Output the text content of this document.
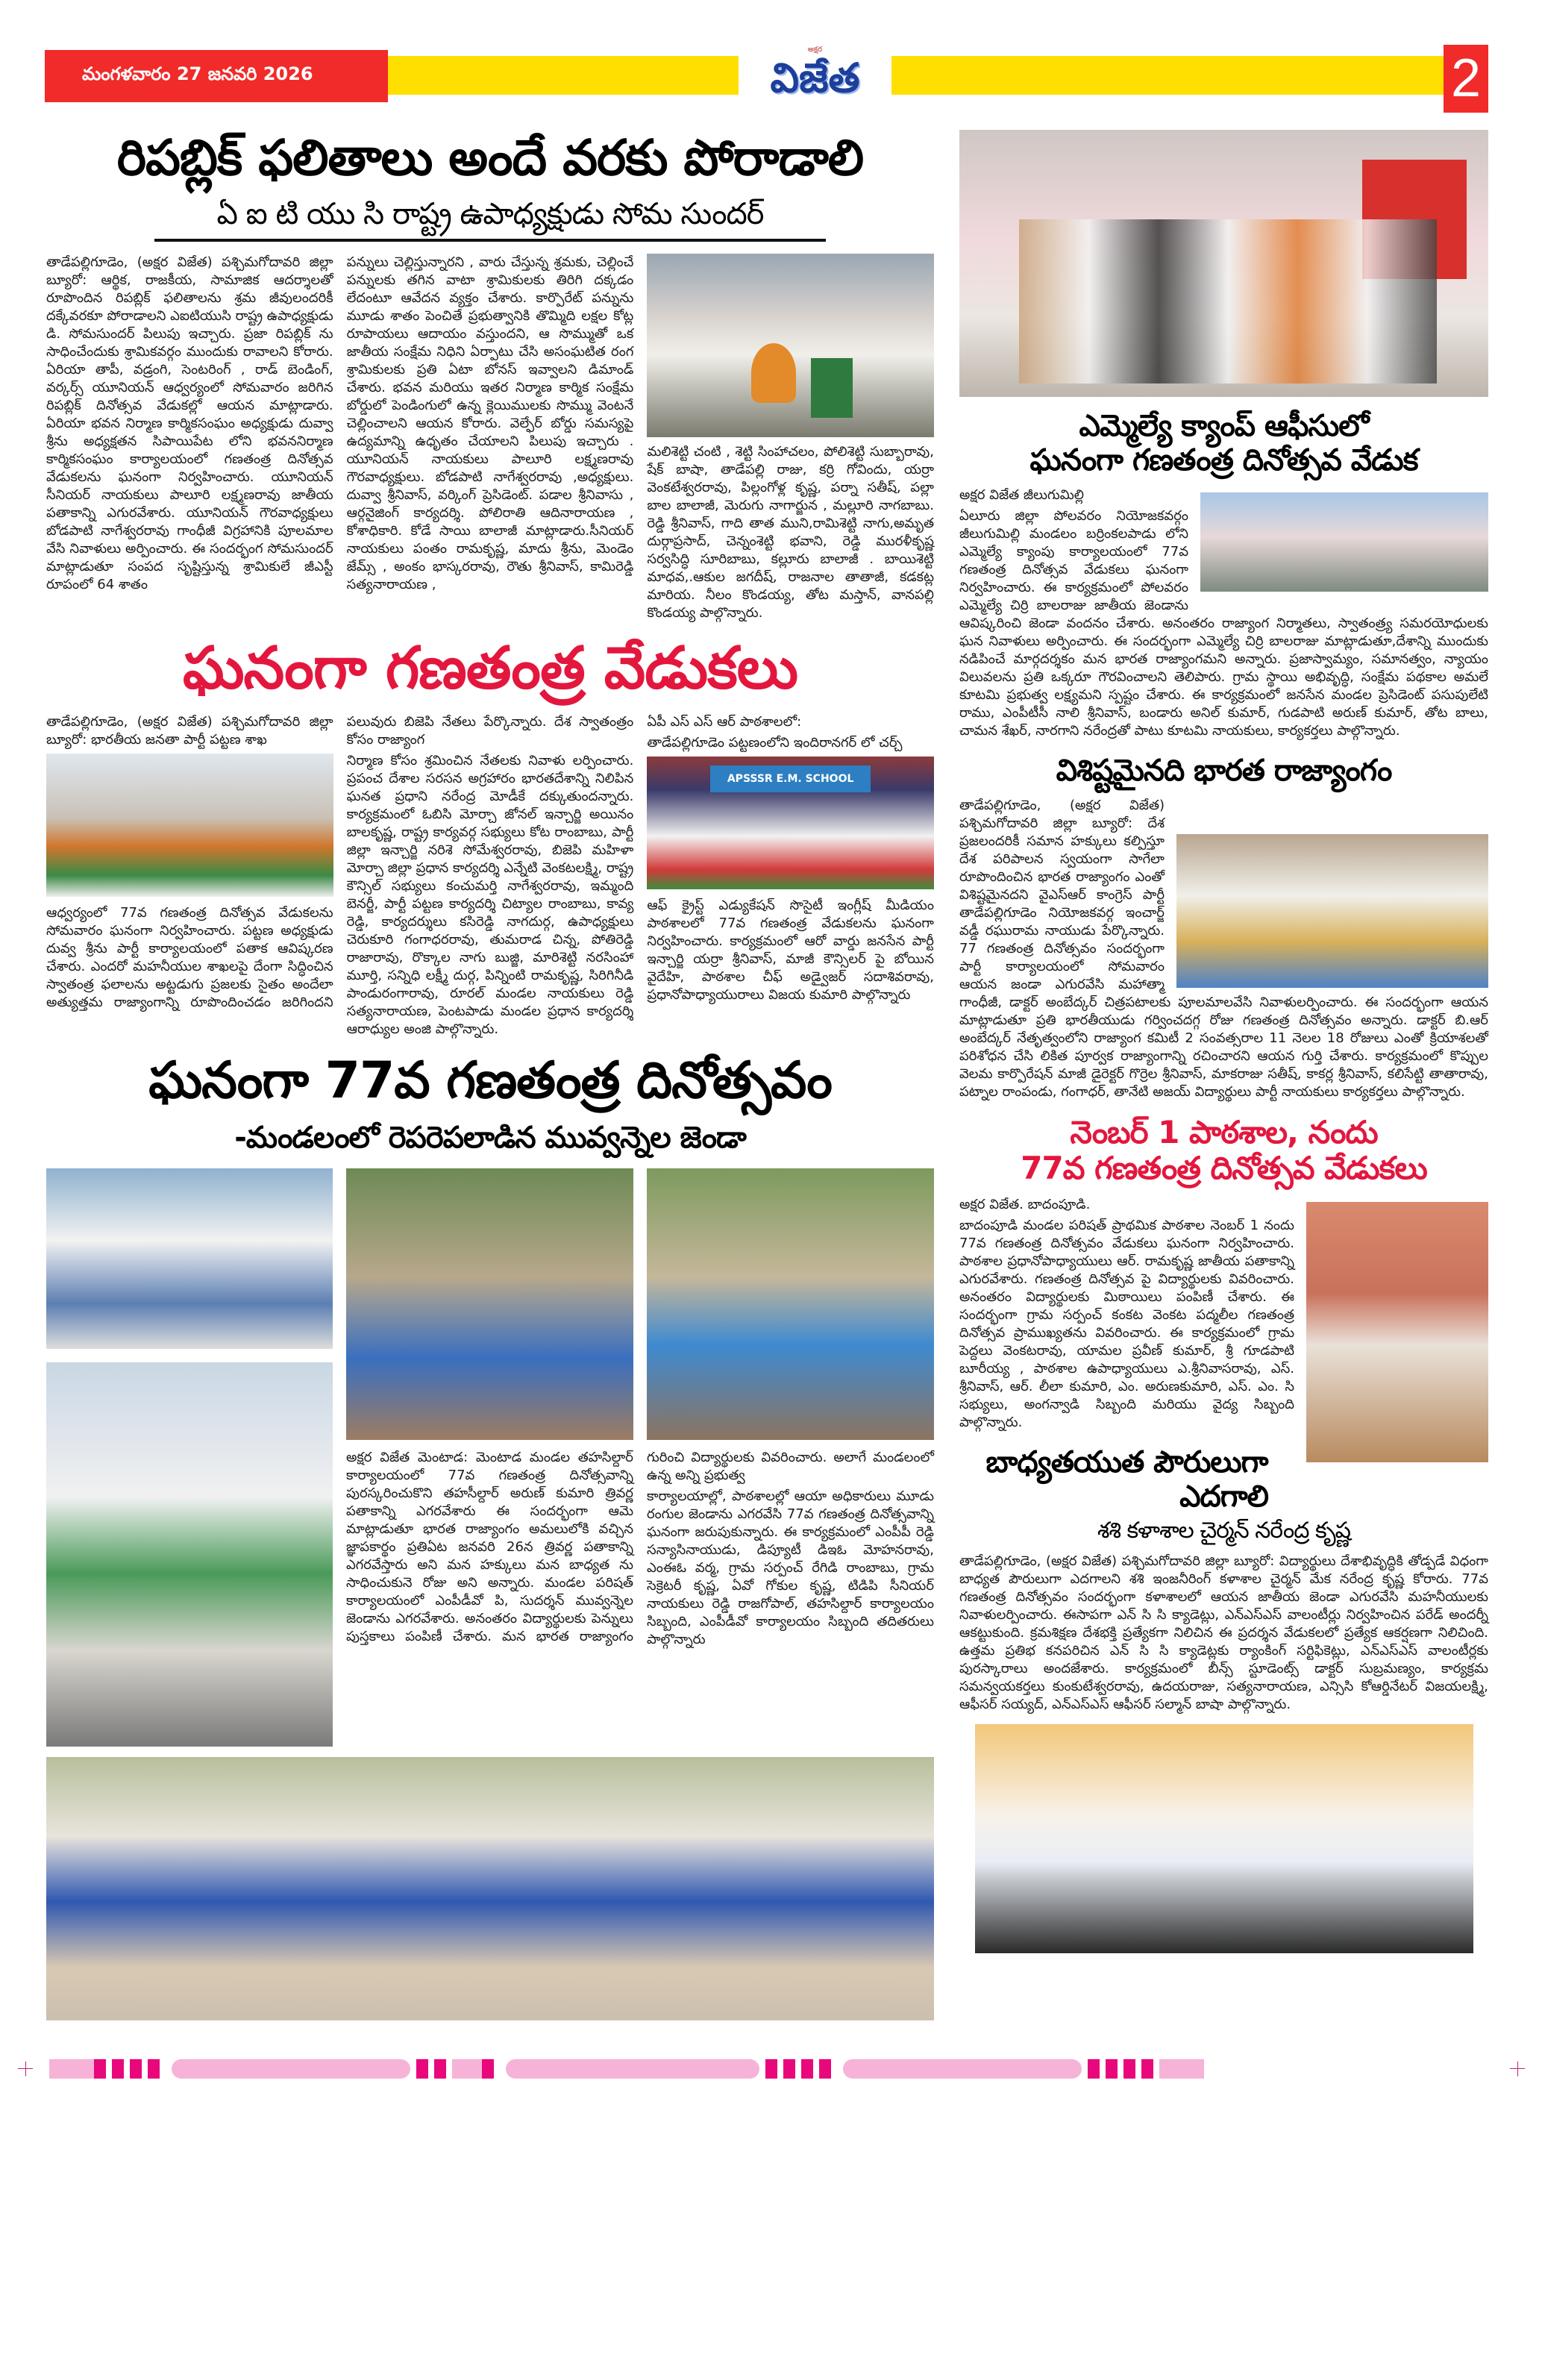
మంగళవారం 27 జనవరి 2026
అక్షర
విజేత	2
రిపబ్లిక్ ఫలితాలు అందే వరకు పోరాడాలి
ఏ ఐ టి యు సి రాష్ట్ర ఉపాధ్యక్షుడు సోమ సుందర్

తాడేపల్లిగూడెం, (అక్షర విజేత) పశ్చిమగోదావరి జిల్లా బ్యూరో: ఆర్థిక, రాజకీయ, సామాజిక ఆదర్శాలతో రూపొందిన రిపబ్లిక్ ఫలితాలను శ్రమ జీవులందరికీ దక్కేవరకూ పోరాడాలని ఎఐటియుసి రాష్ట్ర ఉపాధ్యక్షుడు డి. సోమసుందర్ పిలుపు ఇచ్చారు. ప్రజా రిపబ్లిక్ ను సాధించేందుకు శ్రామికవర్గం ముందుకు రావాలని కోరారు. ఏరియా తాపీ, వడ్రంగి, సెంటరింగ్ , రాడ్ బెండింగ్, వర్కర్స్ యూనియన్ ఆధ్వర్యంలో సోమవారం జరిగిన రిపబ్లిక్ దినోత్సవ వేడుకల్లో ఆయన మాట్లాడారు. ఏరియా భవన నిర్మాణ కార్మికసంఘం అధ్యక్షుడు దువ్వా శ్రీను అధ్యక్షతన సిపాయిపేట లోని భవననిర్మాణ కార్మికసంఘం కార్యాలయంలో గణతంత్ర దినోత్సవ వేడుకలను ఘనంగా నిర్వహించారు. యూనియన్ సీనియర్ నాయకులు పాలూరి లక్ష్మణరావు జాతీయ పతాకాన్ని ఎగురవేశారు. యూనియన్ గౌరవాధ్యక్షులు బోడపాటి నాగేశ్వరరావు గాంధీజీ విగ్రహానికి పూలమాల వేసి నివాళులు అర్పించారు. ఈ సందర్భంగ సోమసుందర్ మాట్లాడుతూ సంపద సృష్టిస్తున్న శ్రామికులే జీఎస్టీ రూపంలో 64 శాతం

పన్నులు చెల్లిస్తున్నారని , వారు చేస్తున్న శ్రమకు, చెల్లించే పన్నులకు తగిన వాటా శ్రామికులకు తిరిగి దక్కడం లేదంటూ ఆవేదన వ్యక్తం చేశారు. కార్పొరేట్ పన్నును మూడు శాతం పెంచితే ప్రభుత్వానికి తొమ్మిది లక్షల కోట్ల రూపాయలు ఆదాయం వస్తుందని, ఆ సొమ్ముతో ఒక జాతీయ సంక్షేమ నిధిని ఏర్పాటు చేసి అసంఘటిత రంగ శ్రామికులకు ప్రతి ఏటా బోనస్ ఇవ్వాలని డిమాండ్ చేశారు. భవన మరియు ఇతర నిర్మాణ కార్మిక సంక్షేమ బోర్డులో పెండింగులో ఉన్న క్లెయిములకు సొమ్ము వెంటనే చెల్లించాలని ఆయన కోరారు. వెల్ఫేర్ బోర్డు సమస్యపై ఉద్యమాన్ని ఉధృతం చేయాలని పిలుపు ఇచ్చారు . యూనియన్ నాయకులు పాలూరి లక్ష్మణరావు గౌరవాధ్యక్షులు. బోడపాటి నాగేశ్వరరావు ,అధ్యక్షులు. దువ్వా శ్రీనివాస్, వర్కింగ్ ప్రెసిడెంట్. పడాల శ్రీనివాసు , ఆర్గనైజింగ్ కార్యదర్శి. పోలిరాతి ఆదినారాయణ , కోశాధికారి. కోడే సాయి బాలాజీ మాట్లాడారు.సీనియర్ నాయకులు పంతం రామకృష్ణ, మాదు శ్రీను, మెండెం జేమ్స్ , అంకం భాస్కరరావు, రౌతు శ్రీనివాస్, కామిరెడ్డి సత్యనారాయణ ,

మలిశెట్టి చంటి , శెట్టి సింహాచలం, పోలిశెట్టి సుబ్బారావు, షేక్ బాషా, తాడేపల్లి రాజు, కర్రి గోవిందు, యర్రా వెంకటేశ్వరరావు, పిల్లంగోళ్ల కృష్ణ, పర్నా సతీష్, పల్లా బాల బాలాజీ, మెరుగు నాగార్జున , మల్లూరి నాగబాబు. రెడ్డి శ్రీనివాస్, గాది తాత ముని,రామిశెట్టి నాగు,అమృత దుర్గాప్రసాద్, చెన్నంశెట్టి భవాని, రెడ్డి మురళీకృష్ణ సర్వసిద్ధి సూరిబాబు, కల్లూరు బాలాజీ . బాయిశెట్టి మాధవ,.ఆకుల జగదీష్, రాజనాల తాతాజీ, కడకట్ల మారియ. నీలం కొండయ్య, తోట మస్తాన్, వానపల్లి కొండయ్య పాల్గొన్నారు.

ఘనంగా గణతంత్ర వేడుకలు

తాడేపల్లిగూడెం, (అక్షర విజేత) పశ్చిమగోదావరి జిల్లా బ్యూరో: భారతీయ జనతా పార్టీ పట్టణ శాఖ

ఆధ్వర్యంలో 77వ గణతంత్ర దినోత్సవ వేడుకలను సోమవారం ఘనంగా నిర్వహించారు. పట్టణ అధ్యక్షుడు దువ్వ శ్రీను పార్టీ కార్యాలయంలో పతాక ఆవిష్కరణ చేశారు. ఎందరో మహనీయుల శాఖలపై దేంగా సిద్ధించిన స్వాతంత్ర ఫలాలను అట్టడుగు ప్రజలకు సైతం అందేలా అత్యుత్తమ రాజ్యాంగాన్ని రూపొందించడం జరిగిందని పలువురు బిజెపి నేతలు పేర్కొన్నారు. దేశ స్వాతంత్రం కోసం రాజ్యాంగ

నిర్మాణ కోసం శ్రమించిన నేతలకు నివాళు లర్పించారు. ప్రపంచ దేశాల సరసన అగ్రహారం భారతదేశాన్ని నిలిపిన ఘనత ప్రధాని నరేంద్ర మోడీకే దక్కుతుందన్నారు. కార్యక్రమంలో ఓబిసి మోర్చా జోనల్ ఇన్చార్జి అయినం బాలకృష్ణ, రాష్ట్ర కార్యవర్గ సభ్యులు కోట రాంబాబు, పార్టీ జిల్లా ఇన్చార్జి నరిశె సోమేశ్వరరావు, బిజెపి మహిళా మోర్చా జిల్లా ప్రధాన కార్యదర్శి ఎన్నేటి వెంకటలక్ష్మి, రాష్ట్ర కౌన్సిల్ సభ్యులు కంచుమర్తి నాగేశ్వరరావు, ఇమ్మంది బెనర్జీ, పార్టీ పట్టణ కార్యదర్శి చిట్యాల రాంబాబు, కావ్య రెడ్డి, కార్యదర్శులు కసిరెడ్డి నాగదుర్గ, ఉపాధ్యక్షులు చెరుకూరి గంగాధరరావు, తుమరాడ చిన్న, పోతిరెడ్డి రాజారావు, రొక్కాల నాగు బుజ్జి, మారిశెట్టి నరసింహా మూర్తి, సన్నిధి లక్ష్మీ దుర్గ, పిన్నింటి రామకృష్ణ, సిరిగినీడి పాండురంగారావు, రూరల్ మండల నాయకులు రెడ్డి సత్యనారాయణ, పెంటపాడు మండల ప్రధాన కార్యదర్శి ఆరాధ్యుల అంజి పాల్గొన్నారు.

ఏపీ ఎస్ ఎస్ ఆర్ పాఠశాలలో:

తాడేపల్లిగూడెం పట్టణంలోని ఇందిరానగర్ లో చర్చ్

APSSSR E.M. SCHOOL

ఆఫ్ క్రైస్ట్ ఎడ్యుకేషన్ సొసైటీ ఇంగ్లీష్ మీడియం పాఠశాలలో 77వ గణతంత్ర వేడుకలను ఘనంగా నిర్వహించారు. కార్యక్రమంలో ఆరో వార్డు జనసేన పార్టీ ఇన్చార్జి యర్రా శ్రీనివాస్, మాజీ కౌన్సిలర్ పై బోయిన వైదేహి, పాఠశాల చీఫ్ అడ్వైజర్ సదాశివరావు, ప్రధానోపాధ్యాయురాలు విజయ కుమారి పాల్గొన్నారు

ఘనంగా 77వ గణతంత్ర దినోత్సవం
-మండలంలో రెపరెపలాడిన మువ్వన్నెల జెండా

అక్షర విజేత మెంటాడ: మెంటాడ మండల తహసిల్దార్ కార్యాలయంలో 77వ గణతంత్ర దినోత్సవాన్ని పురస్కరించుకొని తహసీల్దార్ అరుణ్ కుమారి త్రివర్ణ పతాకాన్ని ఎగరవేశారు ఈ సందర్భంగా ఆమె మాట్లాడుతూ భారత రాజ్యాంగం అమలులోకి వచ్చిన జ్ఞాపకార్థం ప్రతిఏట జనవరి 26న త్రివర్ణ పతాకాన్ని ఎగరవేస్తారు అని మన హక్కులు మన బాధ్యత ను సాధించుకునె రోజు అని అన్నారు. మండల పరిషత్ కార్యాలయంలో ఎంపీడీవో పి, సుదర్శన్ మువ్వన్నెల జెండాను ఎగరవేశారు. అనంతరం విద్యార్థులకు పెన్నులు పుస్తకాలు పంపిణీ చేశారు. మన భారత రాజ్యాంగం గురించి విద్యార్థులకు వివరించారు. అలాగే మండలంలో ఉన్న అన్ని ప్రభుత్వ

కార్యాలయాల్లో, పాఠశాలల్లో ఆయా అధికారులు మూడు రంగుల జెండాను ఎగరవేసి 77వ గణతంత్ర దినోత్సవాన్ని ఘనంగా జరుపుకున్నారు. ఈ కార్యక్రమంలో ఎంపీపీ రెడ్డి సన్యాసినాయుడు, డిప్యూటీ డిఇఓ మోహనరావు, ఎంఈఓ వర్మ, గ్రామ సర్పంచ్ రేగిడి రాంబాబు, గ్రామ సెక్రెటరీ కృష్ణ, ఏవో గోకుల కృష్ణ, టిడిపి సీనియర్ నాయకులు రెడ్డి రాజగోపాల్, తహసిల్దార్ కార్యాలయం సిబ్బంది, ఎంపీడీవో కార్యాలయం సిబ్బంది తదితరులు పాల్గొన్నారు

ఎమ్మెల్యే క్యాంప్ ఆఫీసులో
ఘనంగా గణతంత్ర దినోత్సవ వేడుక

అక్షర విజేత జీలుగుమిల్లి

ఏలూరు జిల్లా పోలవరం నియోజకవర్గం జీలుగుమిల్లి మండలం బర్రింకలపాడు లోని ఎమ్మెల్యే క్యాంపు కార్యాలయంలో 77వ గణతంత్ర దినోత్సవ వేడుకలు ఘనంగా నిర్వహించారు. ఈ కార్యక్రమంలో పోలవరం ఎమ్మెల్యే చిర్రి బాలరాజు జాతీయ జెండాను ఆవిష్కరించి జెండా వందనం చేశారు. అనంతరం రాజ్యాంగ నిర్మాతలు, స్వాతంత్ర్య సమరయోధులకు ఘన నివాళులు అర్పించారు. ఈ సందర్భంగా ఎమ్మెల్యే చిర్రి బాలరాజు మాట్లాడుతూ,దేశాన్ని ముందుకు నడిపించే మార్గదర్శకం మన భారత రాజ్యాంగమని అన్నారు. ప్రజాస్వామ్యం, సమానత్వం, న్యాయం విలువలను ప్రతి ఒక్కరూ గౌరవించాలని తెలిపారు. గ్రామ స్థాయి అభివృద్ధి, సంక్షేమ పథకాల అమలే కూటమి ప్రభుత్వ లక్ష్యమని స్పష్టం చేశారు. ఈ కార్యక్రమంలో జనసేన మండల ప్రెసిడెంట్ పసుపులేటి రాము, ఎంపీటీసీ నాలి శ్రీనివాస్, బండారు అనిల్ కుమార్, గుడపాటి అరుణ్ కుమార్, తోట బాలు, చామన శేఖర్, నారగాని నరేంద్రతో పాటు కూటమి నాయకులు, కార్యకర్తలు పాల్గొన్నారు.

విశిష్టమైనది భారత రాజ్యాంగం

తాడేపల్లిగూడెం, (అక్షర విజేత) పశ్చిమగోదావరి జిల్లా బ్యూరో: దేశ ప్రజలందరికీ సమాన హక్కులు కల్పిస్తూ దేశ పరిపాలన స్వయంగా సాగేలా రూపొందించిన భారత రాజ్యాంగం ఎంతో విశిష్టమైనదని వైఎస్ఆర్ కాంగ్రెస్ పార్టీ తాడేపల్లిగూడెం నియోజకవర్గ ఇంచార్జ్ వడ్డీ రఘురామ నాయుడు పేర్కొన్నారు. 77 గణతంత్ర దినోత్సవం సందర్భంగా పార్టీ కార్యాలయంలో సోమవారం ఆయన జండా ఎగురవేసి మహాత్మా గాంధీజీ, డాక్టర్ అంబేద్కర్ చిత్రపటాలకు పూలమాలవేసి నివాళులర్పించారు. ఈ సందర్భంగా ఆయన మాట్లాడుతూ ప్రతి భారతీయుడు గర్వించదగ్గ రోజు గణతంత్ర దినోత్సవం అన్నారు. డాక్టర్ బి.ఆర్ అంబేద్కర్ నేతృత్వంలోని రాజ్యాంగ కమిటీ 2 సంవత్సరాల 11 నెలల 18 రోజులు ఎంతో క్రియాశలతో పరిశోధన చేసి లికిత పూర్వక రాజ్యాంగాన్ని రచించారని ఆయన గుర్తి చేశారు. కార్యక్రమంలో కొప్పుల వెలమ కార్పొరేషన్ మాజీ డైరెక్టర్ గొర్రెల శ్రీనివాస్, మాకరాజు సతీష్, కాకర్ల శ్రీనివాస్, కలిసేట్టి తాతారావు, పట్నాల రాంపండు, గంగాధర్, తానేటి అజయ్ విద్యార్థులు పార్టీ నాయకులు కార్యకర్తలు పాల్గొన్నారు.

నెంబర్ 1 పాఠశాల, నందు
77వ గణతంత్ర దినోత్సవ వేడుకలు

అక్షర విజేత. బాదంపూడి.

బాదంపూడి మండల పరిషత్ ప్రాథమిక పాఠశాల నెంబర్ 1 నందు 77వ గణతంత్ర దినోత్సవం వేడుకలు ఘనంగా నిర్వహించారు. పాఠశాల ప్రధానోపాధ్యాయులు ఆర్. రామకృష్ణ జాతీయ పతాకాన్ని ఎగురవేశారు. గణతంత్ర దినోత్సవ పై విద్యార్థులకు వివరించారు. అనంతరం విద్యార్థులకు మిఠాయిలు పంపిణీ చేశారు. ఈ సందర్భంగా గ్రామ సర్పంచ్ కంకట వెంకట పద్మలీల గణతంత్ర దినోత్సవ ప్రాముఖ్యతను వివరించారు. ఈ కార్యక్రమంలో గ్రామ పెద్దలు వెంకటరావు, యామల ప్రవీణ్ కుమార్, శ్రీ గూడపాటి బూరీయ్య , పాఠశాల ఉపాధ్యాయులు ఎ.శ్రీనివాసరావు, ఎస్. శ్రీనివాస్, ఆర్. లీలా కుమారి, ఎం. అరుణకుమారి, ఎస్. ఎం. సి సభ్యులు, అంగన్వాడి సిబ్బంది మరియు వైద్య సిబ్బంది పాల్గొన్నారు.

బాధ్యతయుత పౌరులుగా ఎదగాలి
శశి కళాశాల చైర్మన్ నరేంద్ర కృష్ణ

తాడేపల్లిగూడెం, (అక్షర విజేత) పశ్చిమగోదావరి జిల్లా బ్యూరో: విద్యార్థులు దేశాభివృద్ధికి తోడ్పడే విధంగా బాధ్యత పౌరులుగా ఎదగాలని శశి ఇంజనీరింగ్ కళాశాల చైర్మన్ మేక నరేంద్ర కృష్ణ కోరారు. 77వ గణతంత్ర దినోత్సవం సందర్భంగా కళాశాలలో ఆయన జాతీయ జెండా ఎగురవేసి మహనీయులకు నివాళులర్పించారు. ఈసాపగా ఎన్ సి సి క్యాడెట్లు, ఎన్ఎస్ఎస్ వాలంటీర్లు నిర్వహించిన పరేడ్ అందర్నీ ఆకట్టుకుంది. క్రమశిక్షణ దేశభక్తి ప్రత్యేకగా నిలిచిన ఈ ప్రదర్శన వేడుకలలో ప్రత్యేక ఆకర్షణగా నిలిచింది. ఉత్తమ ప్రతిభ కనపరిచిన ఎన్ సి సి క్యాడెట్లకు ర్యాంకింగ్ సర్టిఫికెట్లు, ఎన్ఎస్ఎస్ వాలంటీర్లకు పురస్కారాలు అందజేశారు. కార్యక్రమంలో బీన్స్ స్టూడెంట్స్ డాక్టర్ సుబ్రమణ్యం, కార్యక్రమ సమన్వయకర్తలు కుంకుటేశ్వరరావు, ఉదయరాజు, సత్యనారాయణ, ఎన్సిసి కోఆర్డినేటర్ విజయలక్ష్మి, ఆఫీసర్ సయ్యద్, ఎన్ఎస్ఎస్ ఆఫీసర్ సల్మాన్ బాషా పాల్గొన్నారు.
